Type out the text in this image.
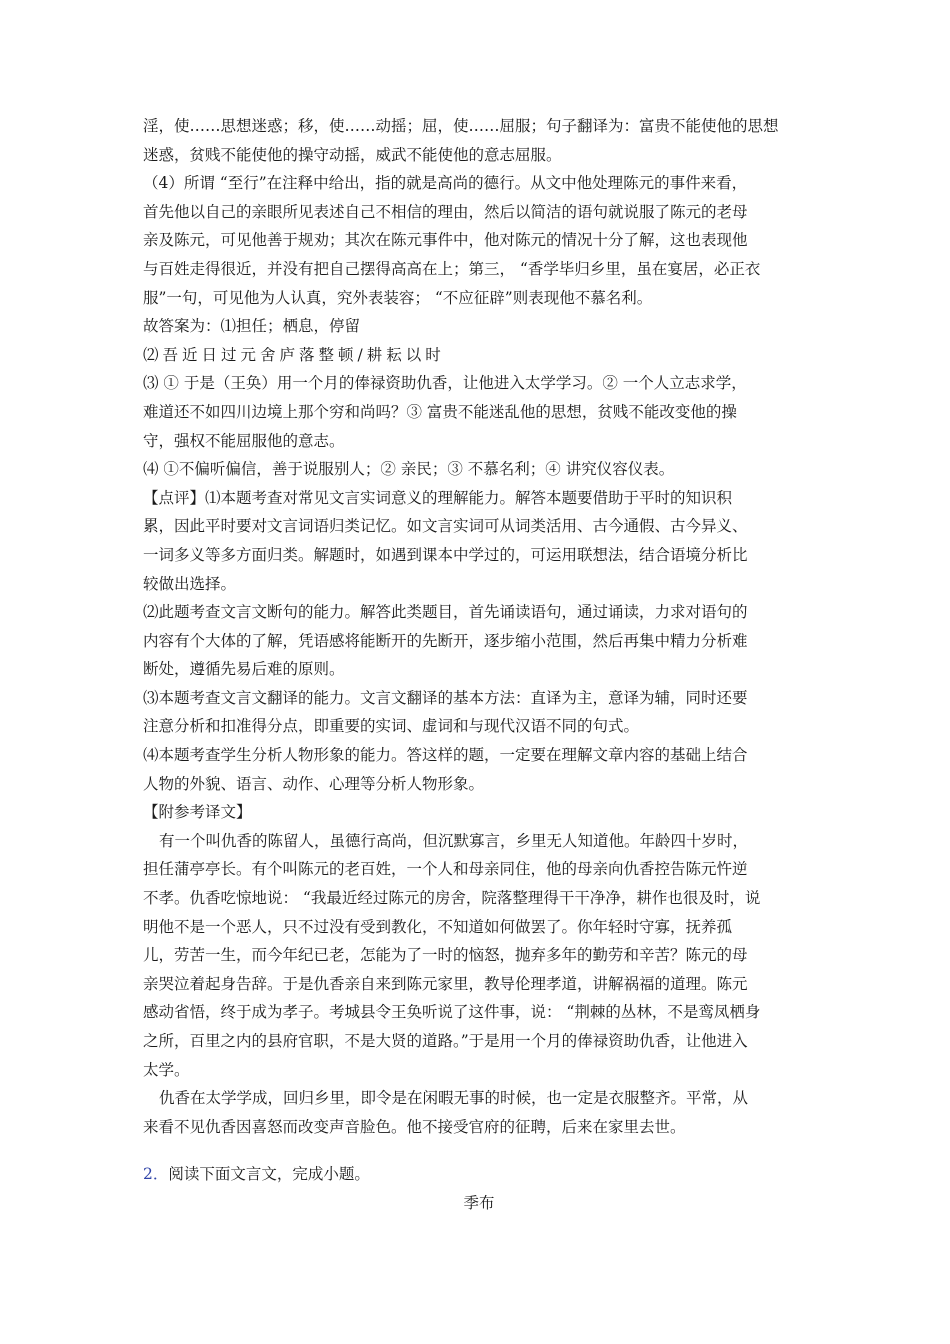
淫，使……思想迷惑；移，使……动摇；屈，使……屈服；句子翻译为：富贵不能使他的思想

迷惑，贫贱不能使他的操守动摇，威武不能使他的意志屈服。

（4）所谓 “至行”在注释中给出，指的就是高尚的德行。从文中他处理陈元的事件来看，

首先他以自己的亲眼所见表述自己不相信的理由，然后以简洁的语句就说服了陈元的老母

亲及陈元，可见他善于规劝；其次在陈元事件中，他对陈元的情况十分了解，这也表现他

与百姓走得很近，并没有把自己摆得高高在上；第三， “香学毕归乡里，虽在宴居，必正衣

服”一句，可见他为人认真，究外表装容； “不应征辟”则表现他不慕名利。

故答案为：⑴担任；栖息，停留

⑵吾近日过元舍庐落整顿/耕耘以时

⑶ ① 于是（王奂）用一个月的俸禄资助仇香，让他进入太学学习。② 一个人立志求学，

难道还不如四川边境上那个穷和尚吗？③ 富贵不能迷乱他的思想，贫贱不能改变他的操

守，强权不能屈服他的意志。

⑷ ①不偏听偏信，善于说服别人；② 亲民；③ 不慕名利；④ 讲究仪容仪表。

【点评】⑴本题考查对常见文言实词意义的理解能力。解答本题要借助于平时的知识积

累，因此平时要对文言词语归类记忆。如文言实词可从词类活用、古今通假、古今异义、

一词多义等多方面归类。解题时，如遇到课本中学过的，可运用联想法，结合语境分析比

较做出选择。

⑵此题考查文言文断句的能力。解答此类题目，首先诵读语句，通过诵读，力求对语句的

内容有个大体的了解，凭语感将能断开的先断开，逐步缩小范围，然后再集中精力分析难

断处，遵循先易后难的原则。

⑶本题考查文言文翻译的能力。文言文翻译的基本方法：直译为主，意译为辅，同时还要

注意分析和扣准得分点，即重要的实词、虚词和与现代汉语不同的句式。

⑷本题考查学生分析人物形象的能力。答这样的题，一定要在理解文章内容的基础上结合

人物的外貌、语言、动作、心理等分析人物形象。

【附参考译文】

有一个叫仇香的陈留人，虽德行高尚，但沉默寡言，乡里无人知道他。年龄四十岁时，

担任蒲亭亭长。有个叫陈元的老百姓，一个人和母亲同住，他的母亲向仇香控告陈元忤逆

不孝。仇香吃惊地说： “我最近经过陈元的房舍，院落整理得干干净净，耕作也很及时，说

明他不是一个恶人，只不过没有受到教化，不知道如何做罢了。你年轻时守寡，抚养孤

儿，劳苦一生，而今年纪已老，怎能为了一时的恼怒，抛弃多年的勤劳和辛苦？陈元的母

亲哭泣着起身告辞。于是仇香亲自来到陈元家里，教导伦理孝道，讲解祸福的道理。陈元

感动省悟，终于成为孝子。考城县令王奂听说了这件事，说： “荆棘的丛林，不是鸾凤栖身

之所，百里之内的县府官职，不是大贤的道路。”于是用一个月的俸禄资助仇香，让他进入

太学。

仇香在太学学成，回归乡里，即令是在闲暇无事的时候，也一定是衣服整齐。平常，从

来看不见仇香因喜怒而改变声音脸色。他不接受官府的征聘，后来在家里去世。

2．阅读下面文言文，完成小题。

季布
